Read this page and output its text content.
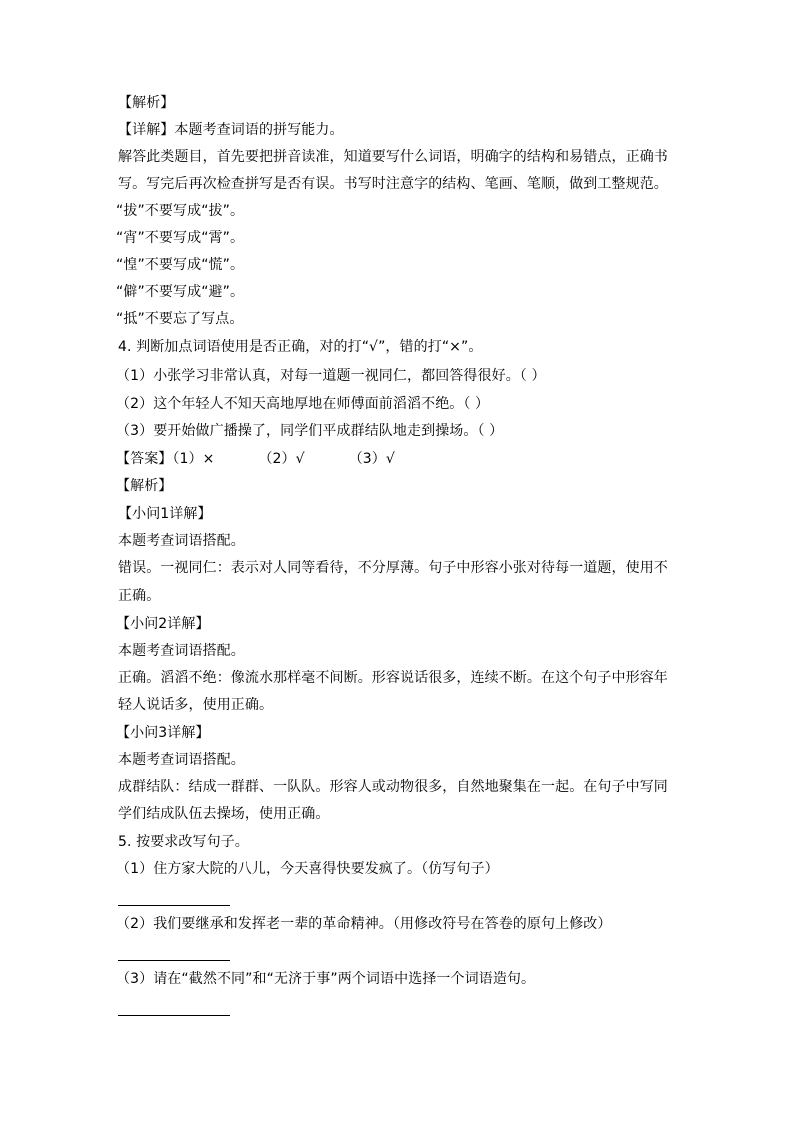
【解析】
【详解】本题考查词语的拼写能力。
解答此类题目，首先要把拼音读准，知道要写什么词语，明确字的结构和易错点，正确书
写。写完后再次检查拼写是否有误。书写时注意字的结构、笔画、笔顺，做到工整规范。
“拔”不要写成“拔”。
“宵”不要写成“霄”。
“惶”不要写成“慌”。
“僻”不要写成“避”。
“抵”不要忘了写点。
4. 判断加点词语使用是否正确，对的打“√”，错的打“×”。
（1）小张学习非常认真，对每一道题一视同仁，都回答得很好。（ ）
（2）这个年轻人不知天高地厚地在师傅面前滔滔不绝。（ ）
（3）要开始做广播操了，同学们平成群结队地走到操场。（ ）
【答案】（1）×	（2）√	（3）√
【解析】
【小问1详解】
本题考查词语搭配。
错误。一视同仁：表示对人同等看待，不分厚薄。句子中形容小张对待每一道题，使用不
正确。
【小问2详解】
本题考查词语搭配。
正确。滔滔不绝：像流水那样毫不间断。形容说话很多，连续不断。在这个句子中形容年
轻人说话多，使用正确。
【小问3详解】
本题考查词语搭配。
成群结队：结成一群群、一队队。形容人或动物很多，自然地聚集在一起。在句子中写同
学们结成队伍去操场，使用正确。
5. 按要求改写句子。
（1）住方家大院的八儿，今天喜得快要发疯了。（仿写句子）
（2）我们要继承和发挥老一辈的革命精神。（用修改符号在答卷的原句上修改）
（3）请在“截然不同”和“无济于事”两个词语中选择一个词语造句。
